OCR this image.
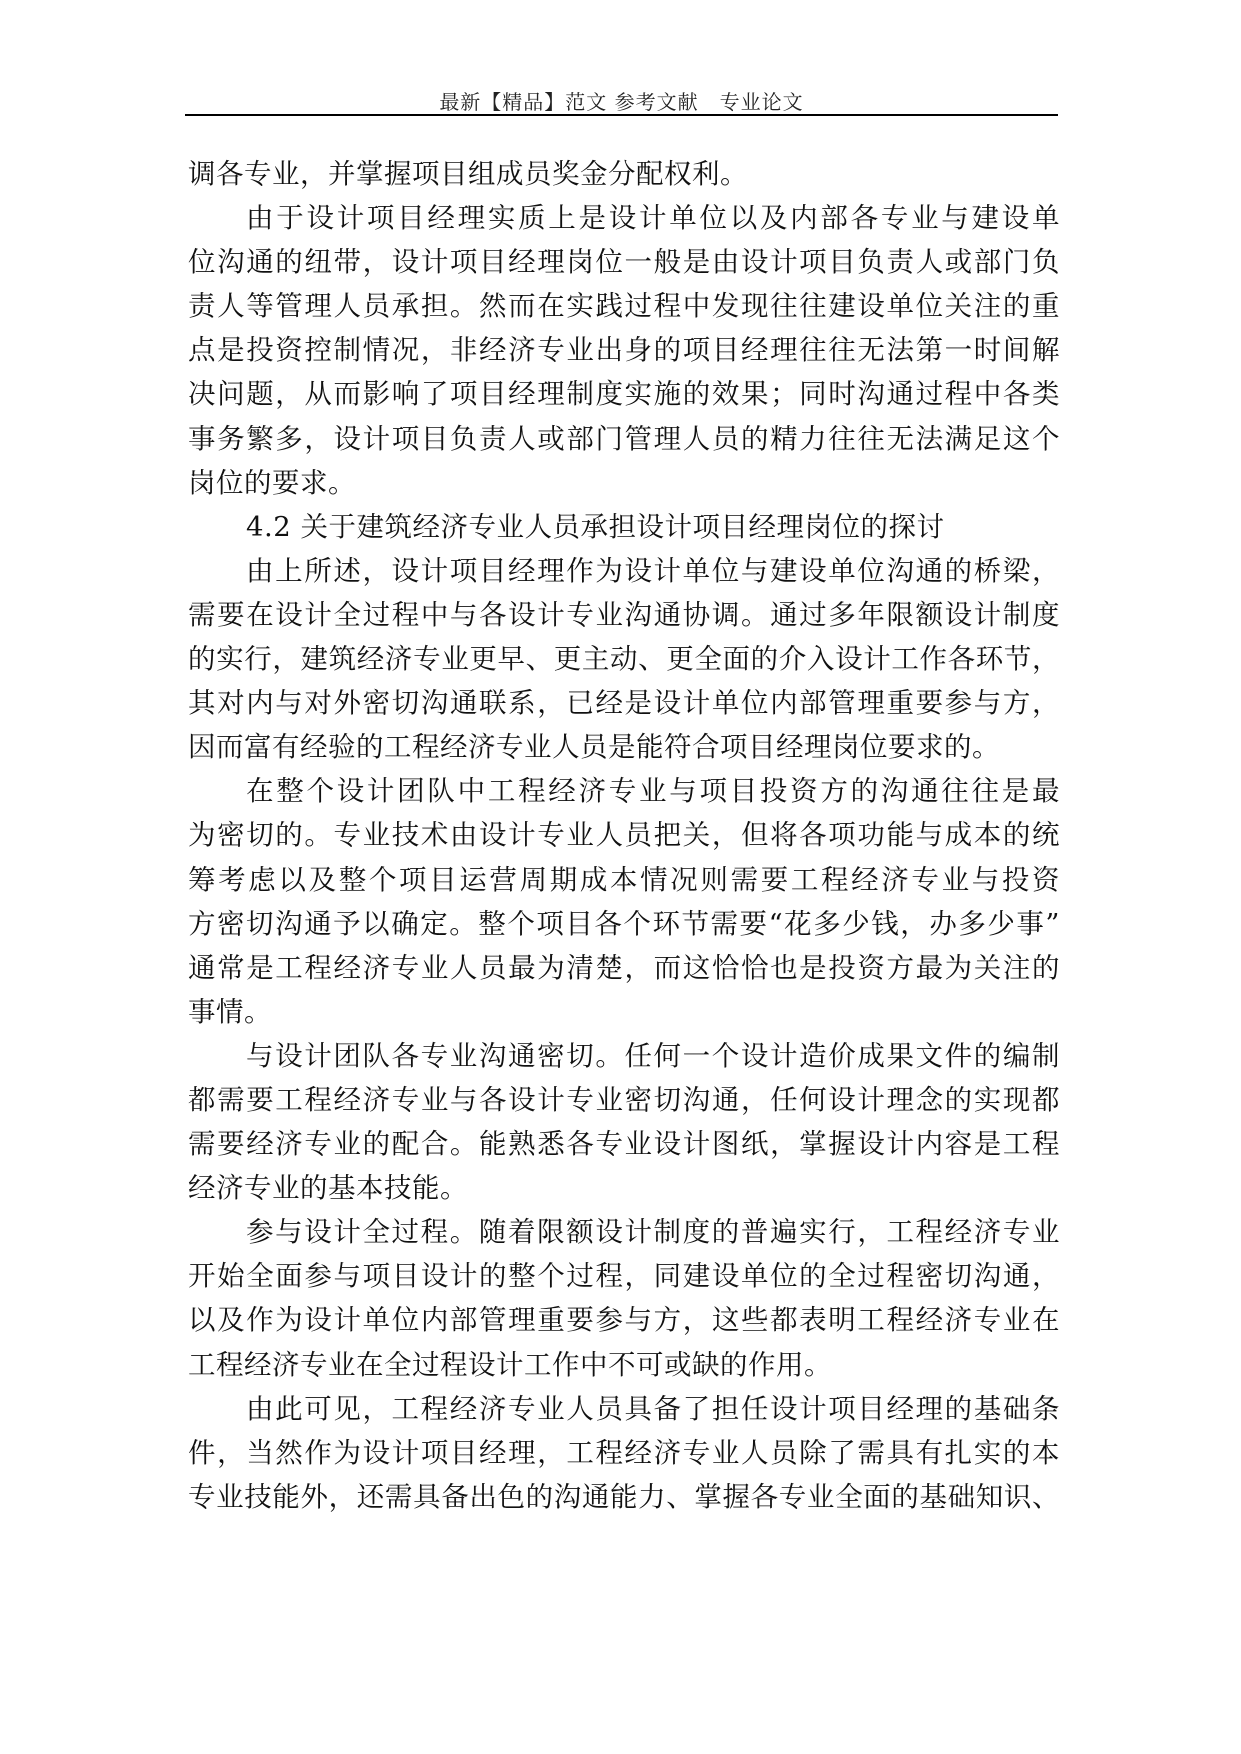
最新【精品】范文 参考文献　专业论文
调各专业，并掌握项目组成员奖金分配权利。
由于设计项目经理实质上是设计单位以及内部各专业与建设单
位沟通的纽带，设计项目经理岗位一般是由设计项目负责人或部门负
责人等管理人员承担。然而在实践过程中发现往往建设单位关注的重
点是投资控制情况，非经济专业出身的项目经理往往无法第一时间解
决问题，从而影响了项目经理制度实施的效果；同时沟通过程中各类
事务繁多，设计项目负责人或部门管理人员的精力往往无法满足这个
岗位的要求。
4.2 关于建筑经济专业人员承担设计项目经理岗位的探讨
由上所述，设计项目经理作为设计单位与建设单位沟通的桥梁，
需要在设计全过程中与各设计专业沟通协调。通过多年限额设计制度
的实行，建筑经济专业更早、更主动、更全面的介入设计工作各环节，
其对内与对外密切沟通联系，已经是设计单位内部管理重要参与方，
因而富有经验的工程经济专业人员是能符合项目经理岗位要求的。
在整个设计团队中工程经济专业与项目投资方的沟通往往是最
为密切的。专业技术由设计专业人员把关，但将各项功能与成本的统
筹考虑以及整个项目运营周期成本情况则需要工程经济专业与投资
方密切沟通予以确定。整个项目各个环节需要“花多少钱，办多少事”
通常是工程经济专业人员最为清楚，而这恰恰也是投资方最为关注的
事情。
与设计团队各专业沟通密切。任何一个设计造价成果文件的编制
都需要工程经济专业与各设计专业密切沟通，任何设计理念的实现都
需要经济专业的配合。能熟悉各专业设计图纸，掌握设计内容是工程
经济专业的基本技能。
参与设计全过程。随着限额设计制度的普遍实行，工程经济专业
开始全面参与项目设计的整个过程，同建设单位的全过程密切沟通，
以及作为设计单位内部管理重要参与方，这些都表明工程经济专业在
工程经济专业在全过程设计工作中不可或缺的作用。
由此可见，工程经济专业人员具备了担任设计项目经理的基础条
件，当然作为设计项目经理，工程经济专业人员除了需具有扎实的本
专业技能外，还需具备出色的沟通能力、掌握各专业全面的基础知识、
